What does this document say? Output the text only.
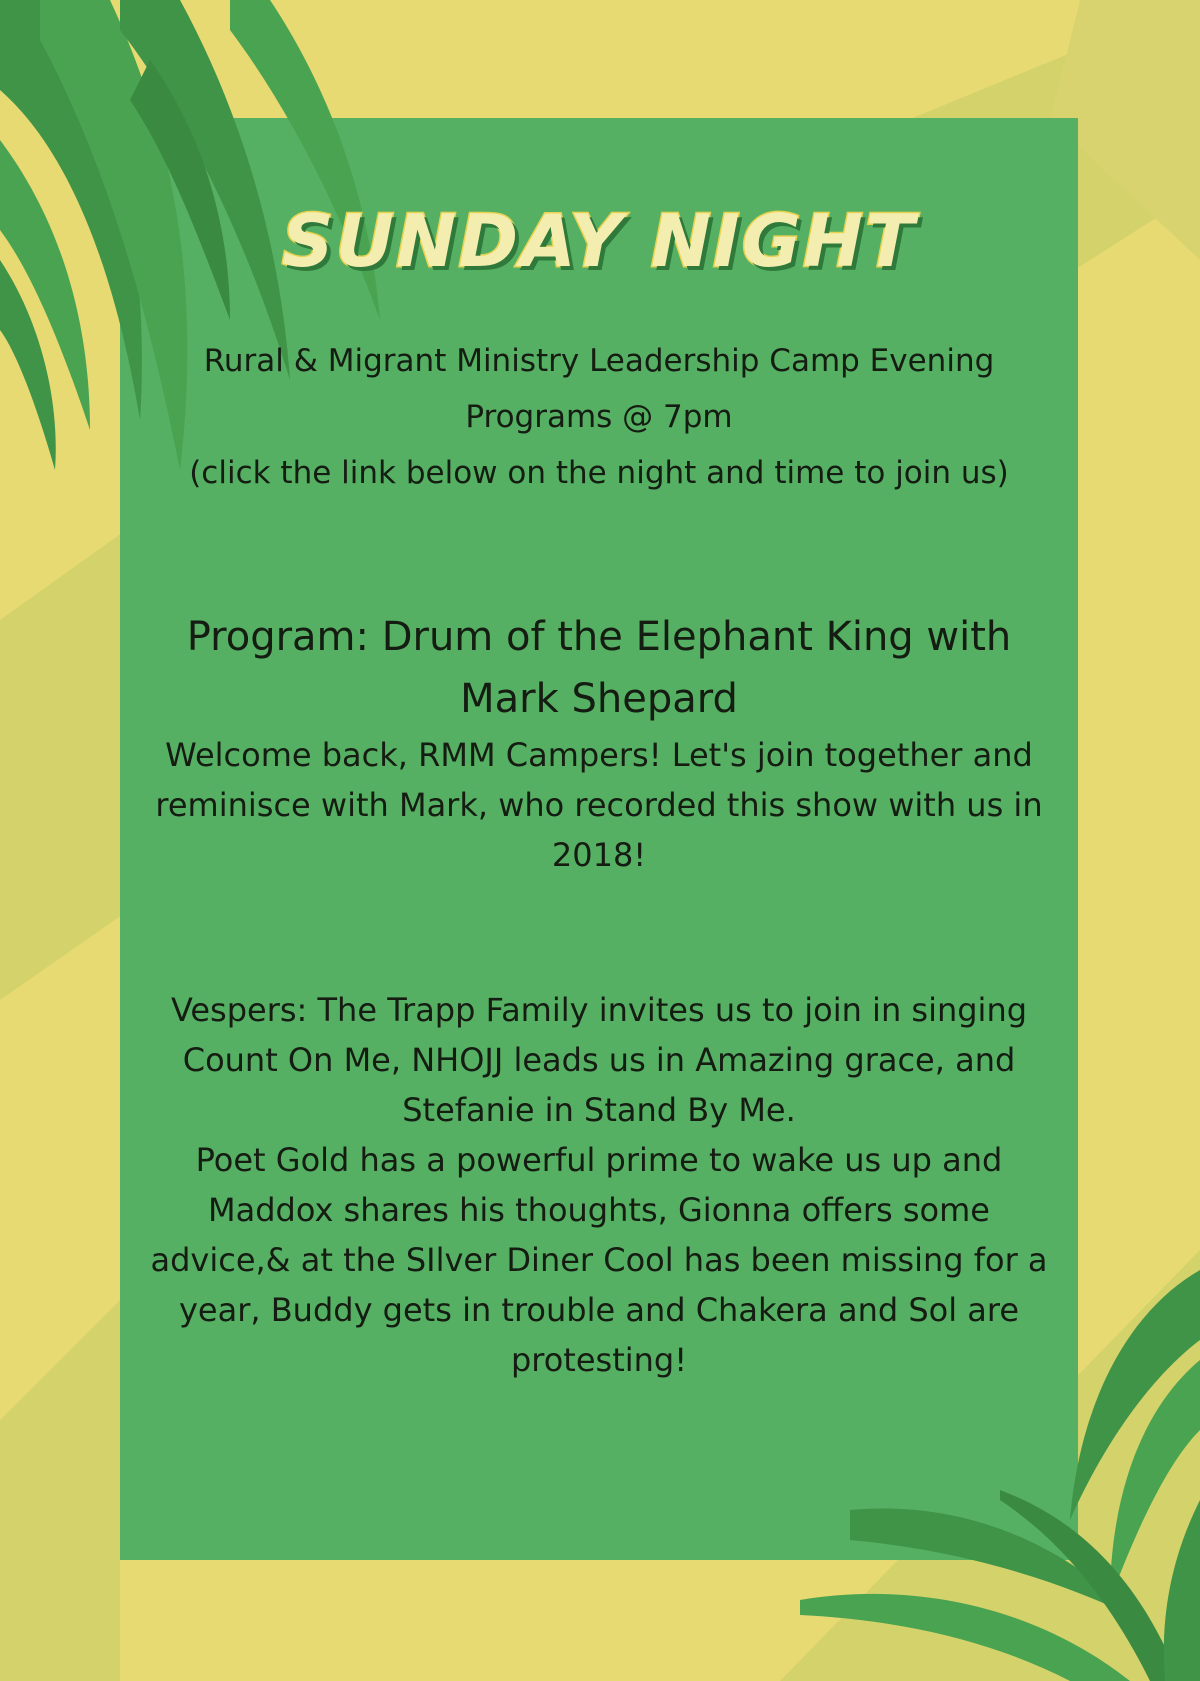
SUNDAY NIGHT
Rural & Migrant Ministry Leadership Camp Evening
Programs @ 7pm
(click the link below on the night and time to join us)
Program: Drum of the Elephant King with
Mark Shepard
Welcome back, RMM Campers! Let's join together and
reminisce with Mark, who recorded this show with us in
2018!
Vespers: The Trapp Family invites us to join in singing
Count On Me, NHOJJ leads us in Amazing grace, and
Stefanie in Stand By Me.
Poet Gold has a powerful prime to wake us up and
Maddox shares his thoughts, Gionna offers some
advice,& at the SIlver Diner Cool has been missing for a
year, Buddy gets in trouble and Chakera and Sol are
protesting!
